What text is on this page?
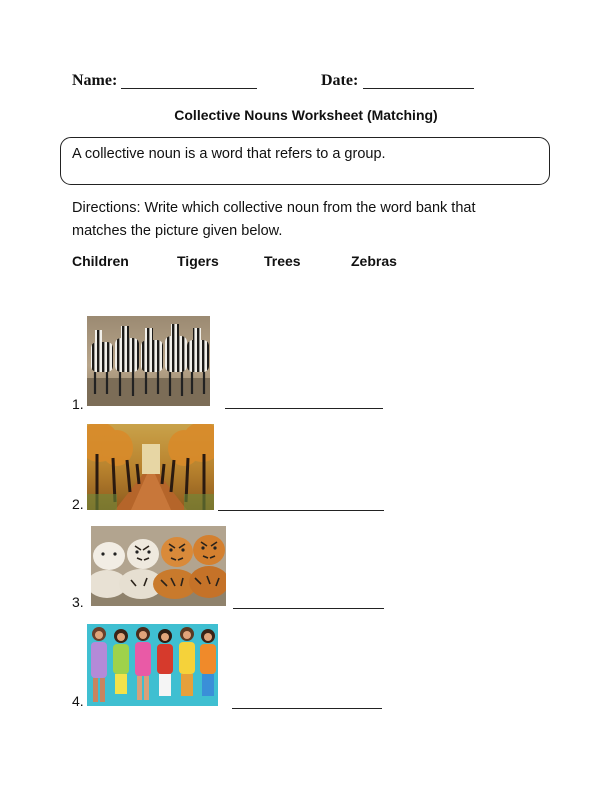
Name:	Date:
Collective Nouns Worksheet (Matching)
A collective noun is a word that refers to a group.
Directions: Write which collective noun from the word bank that matches the picture given below.
Children	Tigers	Trees	Zebras
1.
2.
3.
4.
